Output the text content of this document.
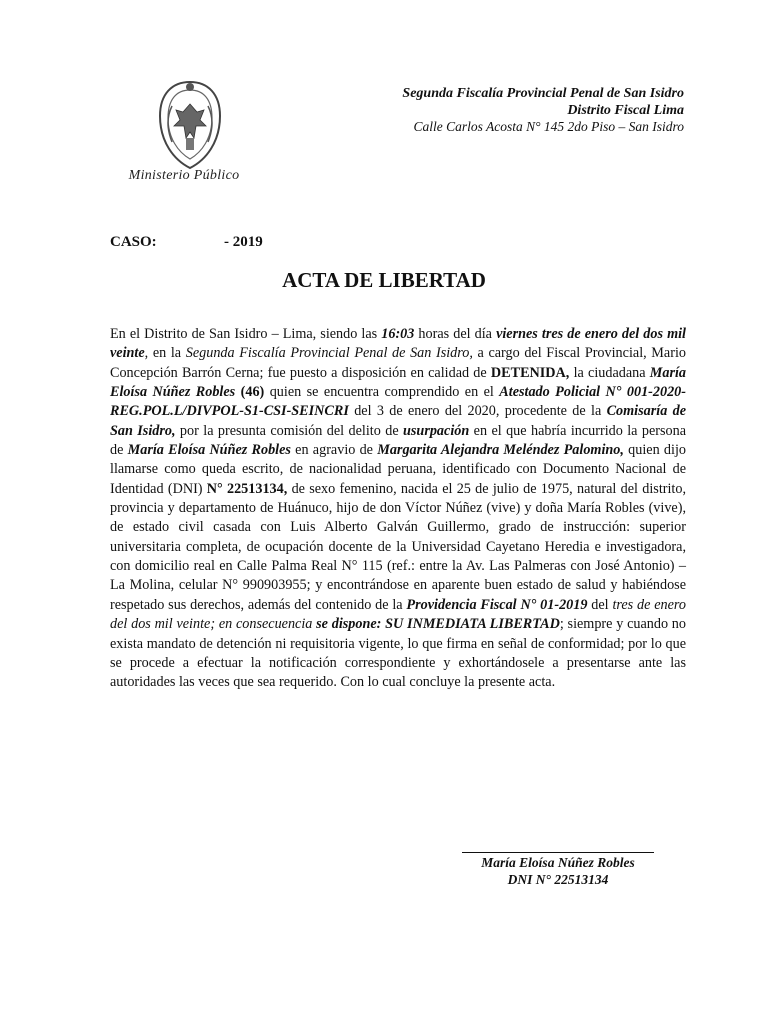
Ministerio Público
Segunda Fiscalía Provincial Penal de San Isidro
Distrito Fiscal Lima
Calle Carlos Acosta N° 145 2do Piso – San Isidro
CASO:	- 2019
ACTA DE LIBERTAD
En el Distrito de San Isidro – Lima, siendo las 16:03 horas del día viernes tres de enero del dos mil veinte, en la Segunda Fiscalía Provincial Penal de San Isidro, a cargo del Fiscal Provincial, Mario Concepción Barrón Cerna; fue puesto a disposición en calidad de DETENIDA, la ciudadana María Eloísa Núñez Robles (46) quien se encuentra comprendido en el Atestado Policial N° 001-2020-REG.POL.L/DIVPOL-S1-CSI-SEINCRI del 3 de enero del 2020, procedente de la Comisaría de San Isidro, por la presunta comisión del delito de usurpación en el que habría incurrido la persona de María Eloísa Núñez Robles en agravio de Margarita Alejandra Meléndez Palomino, quien dijo llamarse como queda escrito, de nacionalidad peruana, identificado con Documento Nacional de Identidad (DNI) N° 22513134, de sexo femenino, nacida el 25 de julio de 1975, natural del distrito, provincia y departamento de Huánuco, hijo de don Víctor Núñez (vive) y doña María Robles (vive), de estado civil casada con Luis Alberto Galván Guillermo, grado de instrucción: superior universitaria completa, de ocupación docente de la Universidad Cayetano Heredia e investigadora, con domicilio real en Calle Palma Real N° 115 (ref.: entre la Av. Las Palmeras con José Antonio) – La Molina, celular N° 990903955; y encontrándose en aparente buen estado de salud y habiéndose respetado sus derechos, además del contenido de la Providencia Fiscal N° 01-2019 del tres de enero del dos mil veinte; en consecuencia se dispone: SU INMEDIATA LIBERTAD; siempre y cuando no exista mandato de detención ni requisitoria vigente, lo que firma en señal de conformidad; por lo que se procede a efectuar la notificación correspondiente y exhortándosele a presentarse ante las autoridades las veces que sea requerido. Con lo cual concluye la presente acta.
María Eloísa Núñez Robles
DNI N° 22513134
